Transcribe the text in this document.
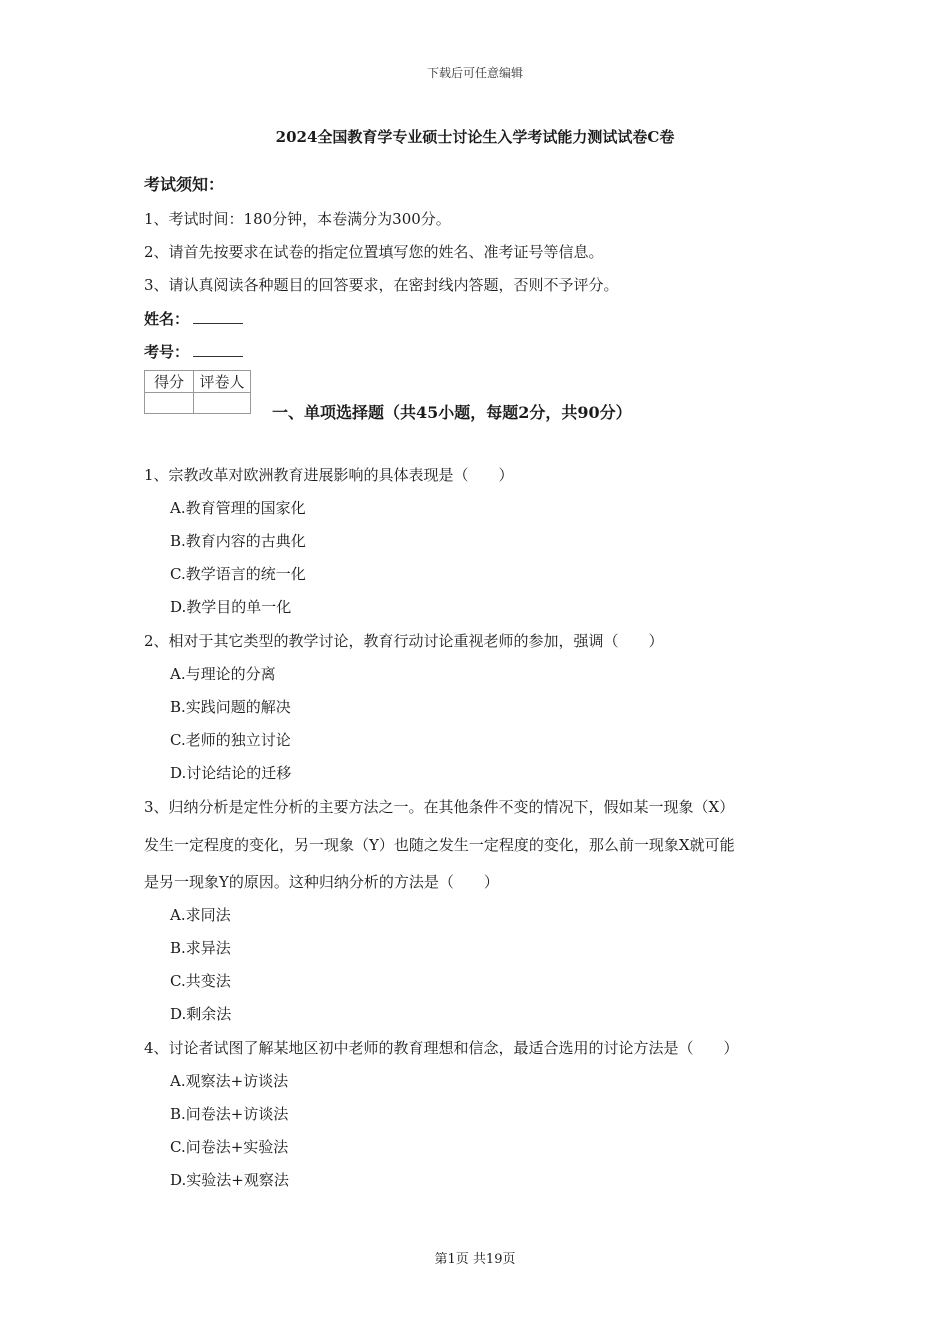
下载后可任意编辑
2024全国教育学专业硕士讨论生入学考试能力测试试卷C卷
考试须知：
1、考试时间：180分钟，本卷满分为300分。
2、请首先按要求在试卷的指定位置填写您的姓名、准考证号等信息。
3、请认真阅读各种题目的回答要求，在密封线内答题，否则不予评分。
姓名：
考号：
得分	评卷人

一、单项选择题（共45小题，每题2分，共90分）
1、宗教改革对欧洲教育进展影响的具体表现是（　　）
A.教育管理的国家化
B.教育内容的古典化
C.教学语言的统一化
D.教学目的单一化
2、相对于其它类型的教学讨论，教育行动讨论重视老师的参加，强调（　　）
A.与理论的分离
B.实践问题的解决
C.老师的独立讨论
D.讨论结论的迁移
3、归纳分析是定性分析的主要方法之一。在其他条件不变的情况下，假如某一现象（X）
发生一定程度的变化，另一现象（Y）也随之发生一定程度的变化，那么前一现象X就可能
是另一现象Y的原因。这种归纳分析的方法是（　　）
A.求同法
B.求异法
C.共变法
D.剩余法
4、讨论者试图了解某地区初中老师的教育理想和信念，最适合选用的讨论方法是（　　）
A.观察法+访谈法
B.问卷法+访谈法
C.问卷法+实验法
D.实验法+观察法
第1页 共19页
